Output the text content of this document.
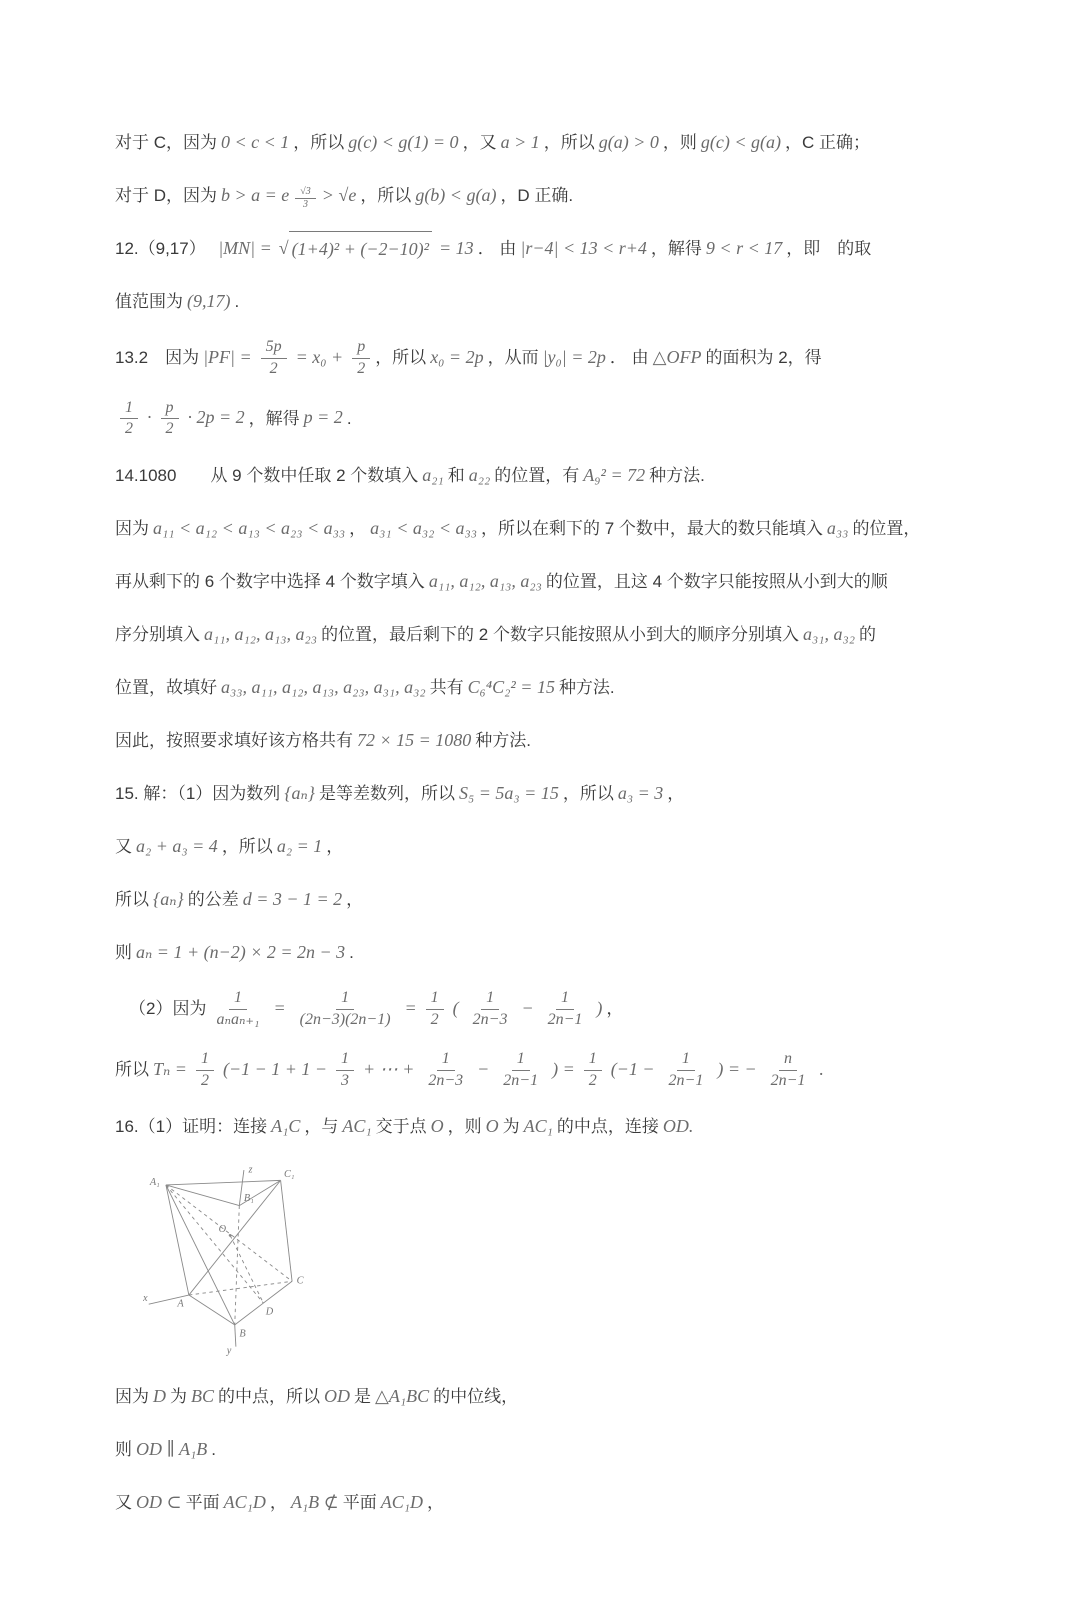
对于 C，因为 0 < c < 1 ，所以 g(c) < g(1) = 0 ，又 a > 1 ，所以 g(a) > 0 ，则 g(c) < g(a) ，C 正确；
对于 D，因为 b > a = e $\frac{√3}{3} > √e$ ，所以 g(b) < g(a) ，D 正确.
12.（9,17）　|MN| = √ (1+4)² + (−2−10)² = 13 ． 由 |r−4| < 13 < r+4 ，解得 9 < r < 17 ，即　的取
值范围为 (9,17) .
13.2　因为 $|PF| = \frac{5p}{2} = x_0 + \frac{p}{2}$ ，所以 x₀ = 2p ，从而 |y₀| = 2p ． 由 △OFP 的面积为 2，得
$\frac{1}{2} \cdot \frac{p}{2} \cdot 2p = 2$ ，解得 p = 2 .
14.1080　　从 9 个数中任取 2 个数填入 a₂₁ 和 a₂₂ 的位置，有 A₉² = 72 种方法.
因为 a₁₁ < a₁₂ < a₁₃ < a₂₃ < a₃₃ ， a₃₁ < a₃₂ < a₃₃ ，所以在剩下的 7 个数中，最大的数只能填入 a₃₃ 的位置，
再从剩下的 6 个数字中选择 4 个数字填入 a₁₁, a₁₂, a₁₃, a₂₃ 的位置，且这 4 个数字只能按照从小到大的顺
序分别填入 a₁₁, a₁₂, a₁₃, a₂₃ 的位置，最后剩下的 2 个数字只能按照从小到大的顺序分别填入 a₃₁, a₃₂ 的
位置，故填好 a₃₃, a₁₁, a₁₂, a₁₃, a₂₃, a₃₁, a₃₂ 共有 C₆⁴C₂² = 15 种方法.
因此，按照要求填好该方格共有 72 × 15 = 1080 种方法.
15. 解：（1）因为数列 {aₙ} 是等差数列，所以 S₅ = 5a₃ = 15 ，所以 a₃ = 3 ，
又 a₂ + a₃ = 4 ，所以 a₂ = 1 ，
所以 {aₙ} 的公差 d = 3 − 1 = 2 ，
则 aₙ = 1 + (n−2) × 2 = 2n − 3 .
（2）因为 $\frac{1}{\text{aₙaₙ₊₁}} = \frac{1}{(2n-3)(2n-1)} = \frac{1}{2}$ ( $\frac{1}{2n-3} - \frac{1}{2n-1}$ ) ，
所以 $T_n = \frac{1}{2} (-1 - 1 + 1 - \frac{1}{3}$ + ⋯ + $\frac{1}{2n-3} - \frac{1}{2n-1}$ ) = $\frac{1}{2} (-1 - \frac{1}{2n-1}$ ) = − $\frac{n}{2n-1}$ .
16.（1）证明：连接 A₁C ，与 AC₁ 交于点 O ，则 O 为 AC₁ 的中点，连接 OD.
A₁
B₁
C₁
A
B
C
D
O
x
y
z
因为 D 为 BC 的中点，所以 OD 是 △A₁BC 的中位线，
则 OD ∥ A₁B .
又 OD ⊂ 平面 AC₁D ， A₁B ⊄ 平面 AC₁D ，
